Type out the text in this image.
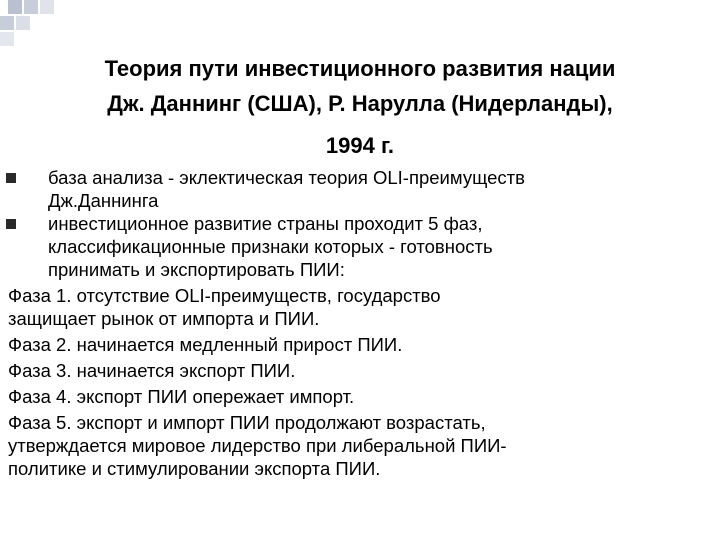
Теория пути инвестиционного развития нации
Дж. Даннинг (США), Р. Нарулла (Нидерланды),
1994 г.
база анализа - эклектическая теория OLI-преимуществ
Дж.Даннинга
инвестиционное развитие страны проходит 5 фаз,
классификационные признаки которых - готовность
принимать и экспортировать ПИИ:
Фаза 1. отсутствие OLI-преимуществ, государство
защищает рынок от импорта и ПИИ.
Фаза 2. начинается медленный прирост ПИИ.
Фаза 3. начинается экспорт ПИИ.
Фаза 4. экспорт ПИИ опережает импорт.
Фаза 5. экспорт и импорт ПИИ продолжают возрастать,
утверждается мировое лидерство при либеральной ПИИ-
политике и стимулировании экспорта ПИИ.
